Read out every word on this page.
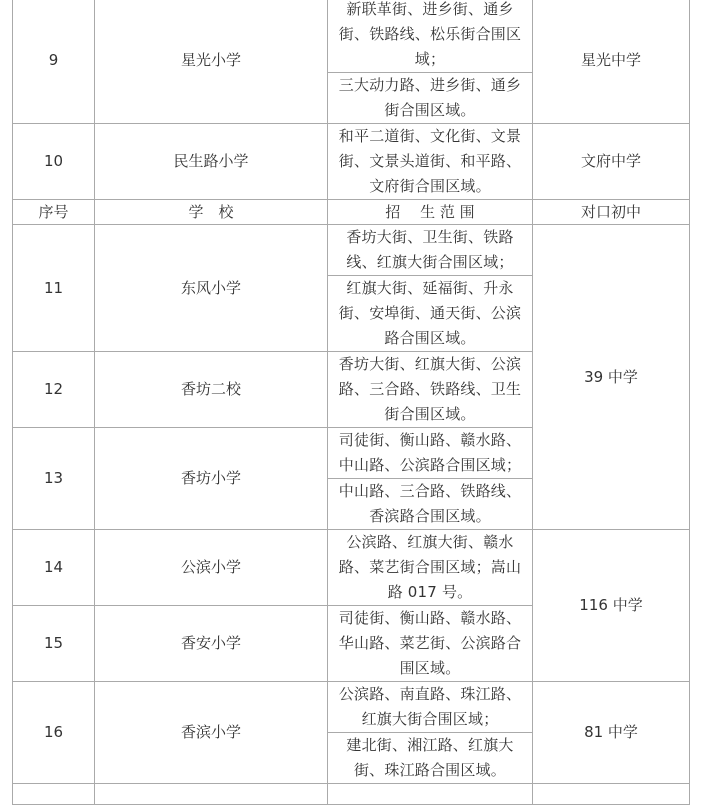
9	星光小学	新联革街、进乡街、通乡街、铁路线、松乐街合围区域；	星光中学
		三大动力路、进乡街、通乡街合围区域。	
10	民生路小学	和平二道街、文化街、文景街、文景头道街、和平路、文府街合围区域。	文府中学
序号	学　校	招　 生 范 围	对口初中
11	东风小学	香坊大街、卫生街、铁路线、红旗大街合围区域；	39 中学
		红旗大街、延福街、升永街、安埠街、通天街、公滨路合围区域。	
12	香坊二校	香坊大街、红旗大街、公滨路、三合路、铁路线、卫生街合围区域。	
13	香坊小学	司徒街、衡山路、赣水路、中山路、公滨路合围区域；	
		中山路、三合路、铁路线、香滨路合围区域。	
14	公滨小学	公滨路、红旗大街、赣水路、菜艺街合围区域；嵩山路 017 号。	116 中学
15	香安小学	司徒街、衡山路、赣水路、华山路、菜艺街、公滨路合围区域。	
16	香滨小学	公滨路、南直路、珠江路、红旗大街合围区域；	81 中学
		建北街、湘江路、红旗大街、珠江路合围区域。	
